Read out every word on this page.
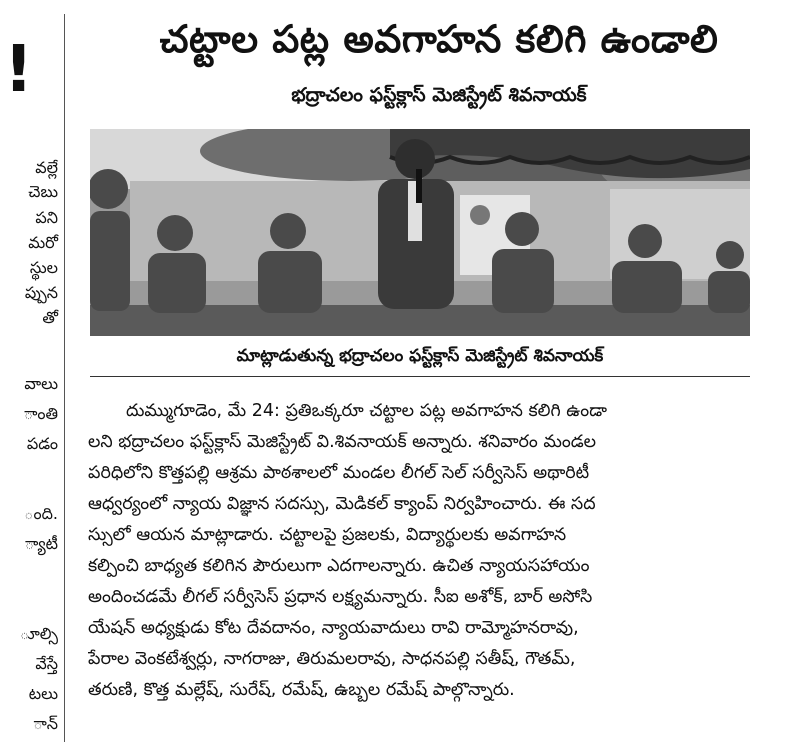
!
వల్లే
చెబు
పని
మరో
స్థుల
ప్పున
తో
వాలు
ాంతి
పడం
ంది.
్యాటీ
ూల్సి
వేస్తే
టలు
ాన్
చట్టాల పట్ల అవగాహన కలిగి ఉండాలి
భద్రాచలం ఫస్ట్‌క్లాస్ మెజిస్ట్రేట్ శివనాయక్
మాట్లాడుతున్న భద్రాచలం ఫస్ట్‌క్లాస్ మెజిస్ట్రేట్ శివనాయక్
దుమ్ముగూడెం, మే 24: ప్రతిఒక్కరూ చట్టాల పట్ల అవగాహన కలిగి ఉండా
లని భద్రాచలం ఫస్ట్‌క్లాస్ మెజిస్ట్రేట్ వి.శివనాయక్ అన్నారు. శనివారం మండల
పరిధిలోని కొత్తపల్లి ఆశ్రమ పాఠశాలలో మండల లీగల్ సెల్ సర్వీసెస్ అథారిటీ
ఆధ్వర్యంలో న్యాయ విజ్ఞాన సదస్సు, మెడికల్ క్యాంప్ నిర్వహించారు. ఈ సద
స్సులో ఆయన మాట్లాడారు. చట్టాలపై ప్రజలకు, విద్యార్థులకు అవగాహన
కల్పించి బాధ్యత కలిగిన పౌరులుగా ఎదగాలన్నారు. ఉచిత న్యాయసహాయం
అందించడమే లీగల్ సర్వీసెస్ ప్రధాన లక్ష్యమన్నారు. సీఐ అశోక్, బార్ అసోసి
యేషన్ అధ్యక్షుడు కోట దేవదానం, న్యాయవాదులు రావి రామ్మోహనరావు,
పేరాల వెంకటేశ్వర్లు, నాగరాజు, తిరుమలరావు, సాధనపల్లి సతీష్, గౌతమ్,
తరుణి, కొత్త మల్లేష్, సురేష్, రమేష్, ఉబ్బల రమేష్ పాల్గొన్నారు.
